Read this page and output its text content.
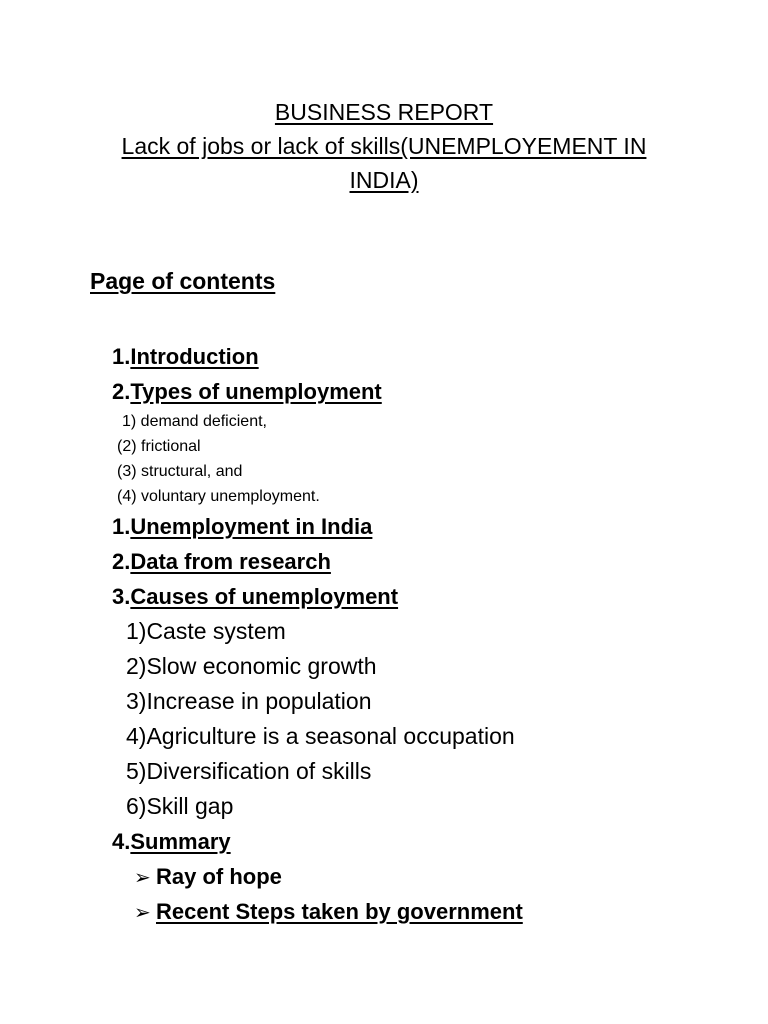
BUSINESS REPORT
Lack of jobs or lack of skills(UNEMPLOYEMENT IN
INDIA)
Page of contents
1. Introduction
2. Types of unemployment
1) demand deficient,
(2) frictional
(3) structural, and
(4) voluntary unemployment.
1. Unemployment in India
2. Data from research
3. Causes of unemployment
1)Caste system
2)Slow economic growth
3)Increase in population
4)Agriculture is a seasonal occupation
5)Diversification of skills
6)Skill gap
4. Summary
➢ Ray of hope
➢ Recent Steps taken by government
